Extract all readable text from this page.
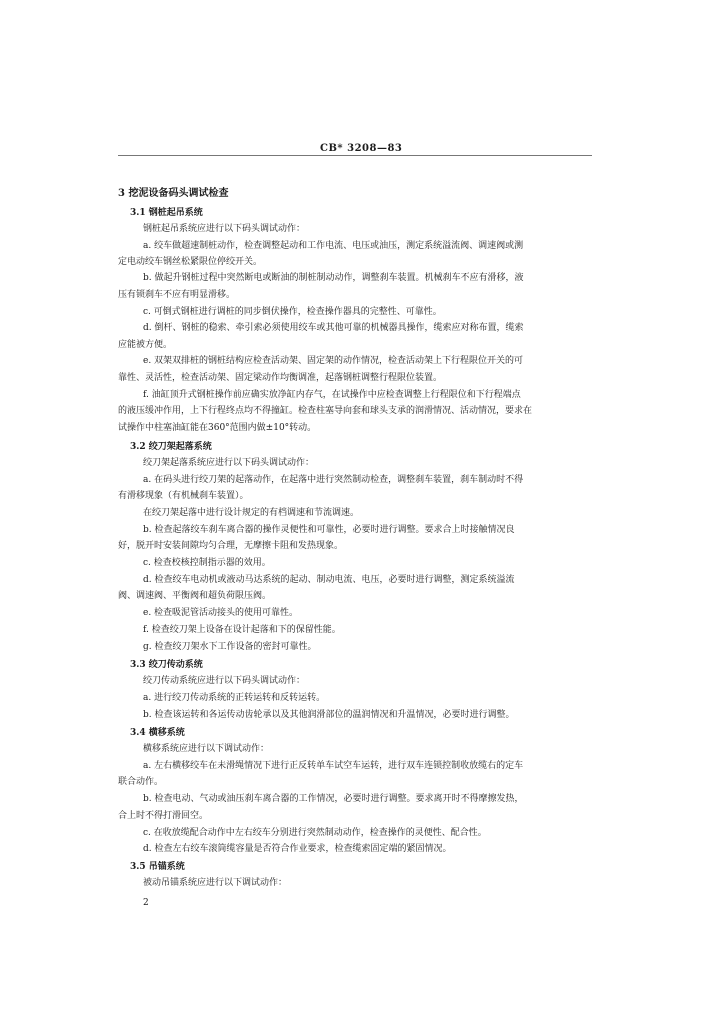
CB* 3208—83
3 挖泥设备码头调试检查
3.1 钢桩起吊系统
钢桩起吊系统应进行以下码头调试动作：
a. 绞车做超速制桩动作，检查调整起动和工作电流、电压或油压，测定系统溢流阀、调速阀或测
定电动绞车钢丝松紧限位停绞开关。
b. 做起升钢桩过程中突然断电或断油的制桩制动动作，调整刹车装置。机械刹车不应有滑移，液
压有锁刹车不应有明显滑移。
c. 可倒式钢桩进行调桩的同步倒伏操作，检查操作器具的完整性、可靠性。
d. 倒杆、钢桩的稳索、牵引索必须使用绞车或其他可靠的机械器具操作，缆索应对称布置，缆索
应能被方便。
e. 双架双排桩的钢桩结构应检查活动架、固定架的动作情况，检查活动架上下行程限位开关的可
靠性、灵活性，检查活动架、固定梁动作均衡调准，起落钢桩调整行程限位装置。
f. 油缸顶升式钢桩操作前应确实放净缸内存气，在试操作中应检查调整上行程限位和下行程端点
的液压缓冲作用，上下行程终点均不得撞缸。检查柱塞导向套和球头支承的润滑情况、活动情况，要求在
试操作中柱塞油缸能在360°范围内做±10°转动。
3.2 绞刀架起落系统
绞刀架起落系统应进行以下码头调试动作：
a. 在码头进行绞刀架的起落动作，在起落中进行突然制动检查，调整刹车装置，刹车制动时不得
有滑移现象（有机械刹车装置）。
在绞刀架起落中进行设计规定的有档调速和节流调速。
b. 检查起落绞车刹车离合器的操作灵便性和可靠性，必要时进行调整。要求合上时接触情况良
好，脱开时安装间隙均匀合理，无摩擦卡阻和发热现象。
c. 检查校核控制指示器的效用。
d. 检查绞车电动机或液动马达系统的起动、制动电流、电压，必要时进行调整，测定系统溢流
阀、调速阀、平衡阀和超负荷限压阀。
e. 检查吸泥管活动接头的使用可靠性。
f. 检查绞刀架上设备在设计起落和下的保留性能。
g. 检查绞刀架水下工作设备的密封可靠性。
3.3 绞刀传动系统
绞刀传动系统应进行以下码头调试动作：
a. 进行绞刀传动系统的正转运转和反转运转。
b. 检查该运转和各运传动齿轮承以及其他润滑部位的温润情况和升温情况，必要时进行调整。
3.4 横移系统
横移系统应进行以下调试动作：
a. 左右横移绞车在未滑绳情况下进行正反转单车试空车运转，进行双车连锁控制收放缆右的定车
联合动作。
b. 检查电动、气动或油压刹车离合器的工作情况，必要时进行调整。要求离开时不得摩擦发热，
合上时不得打滑回空。
c. 在收放缆配合动作中左右绞车分别进行突然制动动作，检查操作的灵便性、配合性。
d. 检查左右绞车滚筒缆容量是否符合作业要求，检查缆索固定端的紧固情况。
3.5 吊锚系统
被动吊锚系统应进行以下调试动作：
2
